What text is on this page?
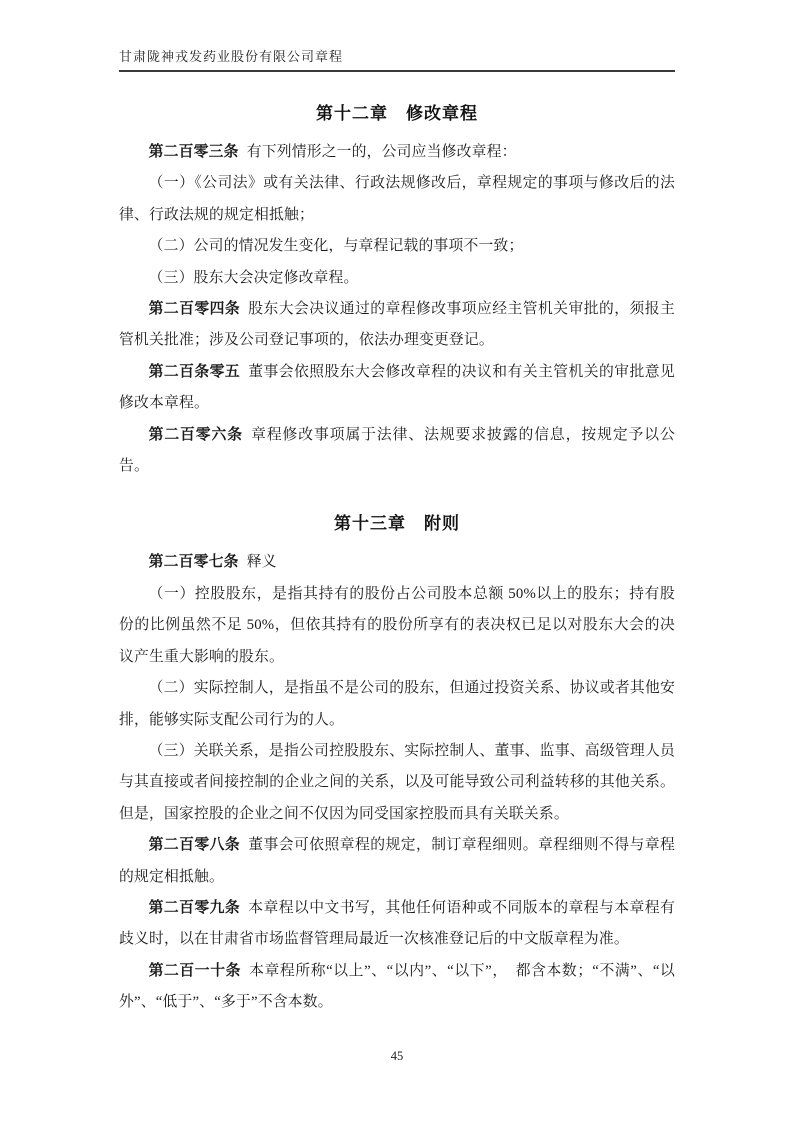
甘肃陇神戎发药业股份有限公司章程
第十二章　修改章程

第二百零三条 有下列情形之一的，公司应当修改章程：

（一）《公司法》或有关法律、行政法规修改后，章程规定的事项与修改后的法律、行政法规的规定相抵触；

（二）公司的情况发生变化，与章程记载的事项不一致；

（三）股东大会决定修改章程。

第二百零四条 股东大会决议通过的章程修改事项应经主管机关审批的，须报主管机关批准；涉及公司登记事项的，依法办理变更登记。

第二百条零五 董事会依照股东大会修改章程的决议和有关主管机关的审批意见修改本章程。

第二百零六条 章程修改事项属于法律、法规要求披露的信息，按规定予以公告。

第十三章　附则

第二百零七条 释义

（一）控股股东，是指其持有的股份占公司股本总额 50%以上的股东；持有股份的比例虽然不足 50%，但依其持有的股份所享有的表决权已足以对股东大会的决议产生重大影响的股东。

（二）实际控制人，是指虽不是公司的股东，但通过投资关系、协议或者其他安排，能够实际支配公司行为的人。

（三）关联关系，是指公司控股股东、实际控制人、董事、监事、高级管理人员与其直接或者间接控制的企业之间的关系，以及可能导致公司利益转移的其他关系。但是，国家控股的企业之间不仅因为同受国家控股而具有关联关系。

第二百零八条 董事会可依照章程的规定，制订章程细则。章程细则不得与章程的规定相抵触。

第二百零九条 本章程以中文书写，其他任何语种或不同版本的章程与本章程有歧义时，以在甘肃省市场监督管理局最近一次核准登记后的中文版章程为准。

第二百一十条 本章程所称“以上”、“以内”、“以下”，　都含本数；“不满”、“以外”、“低于”、“多于”不含本数。

45
